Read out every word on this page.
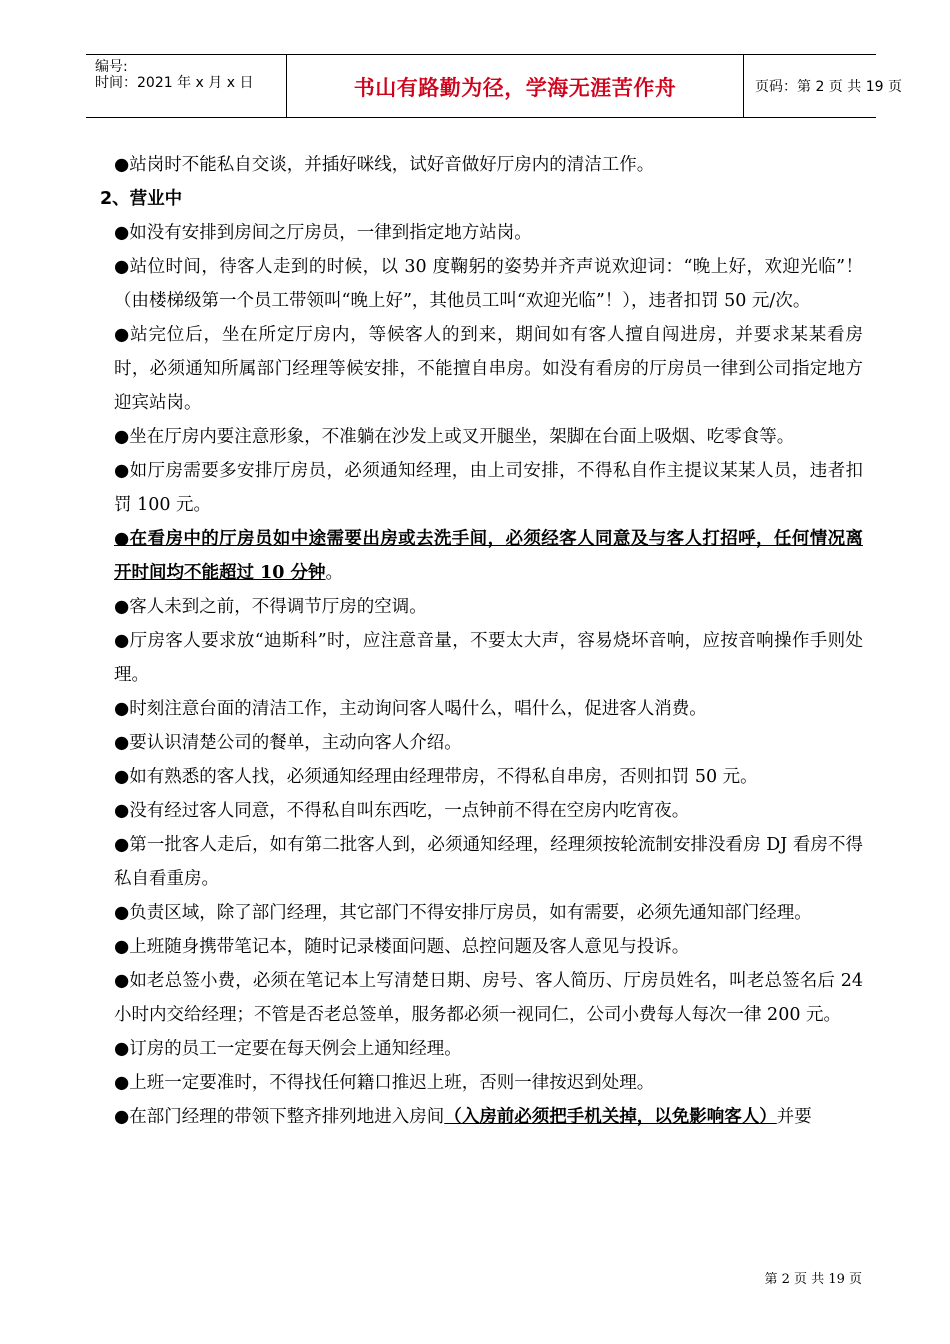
编号:
时间：2021 年 x 月 x 日	书山有路勤为径，学海无涯苦作舟	页码：第 2 页 共 19 页

●站岗时不能私自交谈，并插好咪线，试好音做好厅房内的清洁工作。

2、营业中

●如没有安排到房间之厅房员，一律到指定地方站岗。

●站位时间，待客人走到的时候，以 30 度鞠躬的姿势并齐声说欢迎词：“晚上好，欢迎光临”！（由楼梯级第一个员工带领叫“晚上好”，其他员工叫“欢迎光临”！），违者扣罚 50 元/次。

●站完位后，坐在所定厅房内，等候客人的到来，期间如有客人擅自闯进房，并要求某某看房时，必须通知所属部门经理等候安排，不能擅自串房。如没有看房的厅房员一律到公司指定地方迎宾站岗。

●坐在厅房内要注意形象，不准躺在沙发上或叉开腿坐，架脚在台面上吸烟、吃零食等。

●如厅房需要多安排厅房员，必须通知经理，由上司安排，不得私自作主提议某某人员，违者扣罚 100 元。

●在看房中的厅房员如中途需要出房或去洗手间，必须经客人同意及与客人打招呼，任何情况离开时间均不能超过 10 分钟。

●客人未到之前，不得调节厅房的空调。

●厅房客人要求放“迪斯科”时，应注意音量，不要太大声，容易烧坏音响，应按音响操作手则处理。

●时刻注意台面的清洁工作，主动询问客人喝什么，唱什么，促进客人消费。

●要认识清楚公司的餐单，主动向客人介绍。

●如有熟悉的客人找，必须通知经理由经理带房，不得私自串房，否则扣罚 50 元。

●没有经过客人同意，不得私自叫东西吃，一点钟前不得在空房内吃宵夜。

●第一批客人走后，如有第二批客人到，必须通知经理，经理须按轮流制安排没看房 DJ 看房不得私自看重房。

●负责区域，除了部门经理，其它部门不得安排厅房员，如有需要，必须先通知部门经理。

●上班随身携带笔记本，随时记录楼面问题、总控问题及客人意见与投诉。

●如老总签小费，必须在笔记本上写清楚日期、房号、客人简历、厅房员姓名，叫老总签名后 24 小时内交给经理；不管是否老总签单，服务都必须一视同仁，公司小费每人每次一律 200 元。

●订房的员工一定要在每天例会上通知经理。

●上班一定要准时，不得找任何籍口推迟上班，否则一律按迟到处理。

●在部门经理的带领下整齐排列地进入房间（入房前必须把手机关掉，以免影响客人）并要

第 2 页 共 19 页
